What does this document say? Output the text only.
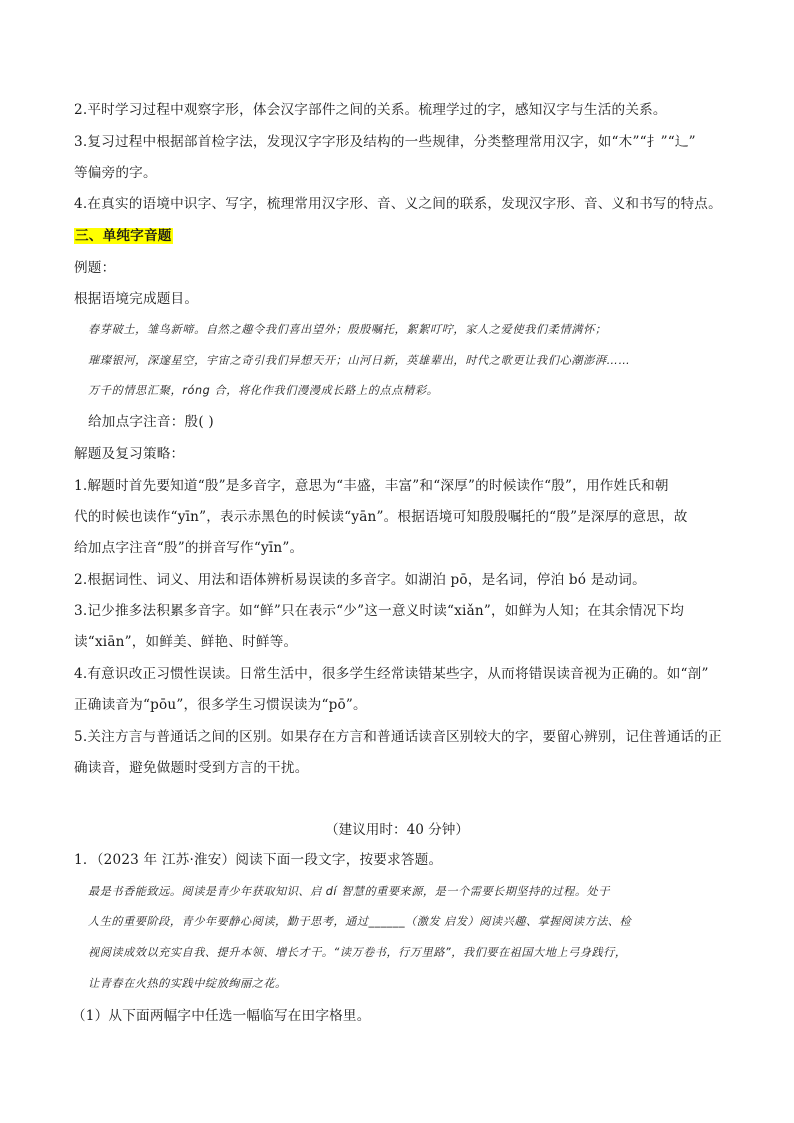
2.平时学习过程中观察字形，体会汉字部件之间的关系。梳理学过的字，感知汉字与生活的关系。
3.复习过程中根据部首检字法，发现汉字字形及结构的一些规律，分类整理常用汉字，如“木”“扌”“辶”
等偏旁的字。
4.在真实的语境中识字、写字，梳理常用汉字形、音、义之间的联系，发现汉字形、音、义和书写的特点。
三、单纯字音题
例题：
根据语境完成题目。
春芽破土，雏鸟新啼。自然之趣令我们喜出望外；殷殷嘱托，絮絮叮咛，家人之爱使我们柔情满怀；
璀璨银河，深邃星空，宇宙之奇引我们异想天开；山河日新，英雄辈出，时代之歌更让我们心潮澎湃……
万千的情思汇聚，róng 合，将化作我们漫漫成长路上的点点精彩。
给加点字注音：殷( )
解题及复习策略：
1.解题时首先要知道“殷”是多音字，意思为“丰盛，丰富”和“深厚”的时候读作“殷”，用作姓氏和朝
代的时候也读作“yīn”，表示赤黑色的时候读“yān”。根据语境可知殷殷嘱托的“殷”是深厚的意思，故
给加点字注音“殷”的拼音写作“yīn”。
2.根据词性、词义、用法和语体辨析易误读的多音字。如湖泊 pō，是名词，停泊 bó 是动词。
3.记少推多法积累多音字。如“鲜”只在表示“少”这一意义时读“xiǎn”，如鲜为人知；在其余情况下均
读“xiān”，如鲜美、鲜艳、时鲜等。
4.有意识改正习惯性误读。日常生活中，很多学生经常读错某些字，从而将错误读音视为正确的。如“剖”
正确读音为“pōu”，很多学生习惯误读为“pō”。
5.关注方言与普通话之间的区别。如果存在方言和普通话读音区别较大的字，要留心辨别，记住普通话的正
确读音，避免做题时受到方言的干扰。
（建议用时：40 分钟）
1．（2023 年 江苏·淮安）阅读下面一段文字，按要求答题。
最是书香能致远。阅读是青少年获取知识、启 dí 智慧的重要来源，是一个需要长期坚持的过程。处于
人生的重要阶段，青少年要静心阅读，勤于思考，通过______（激发 启发）阅读兴趣、掌握阅读方法、检
视阅读成效以充实自我、提升本领、增长才干。“读万卷书，行万里路”，我们要在祖国大地上弓身践行，
让青春在火热的实践中绽放绚丽之花。
（1）从下面两幅字中任选一幅临写在田字格里。
